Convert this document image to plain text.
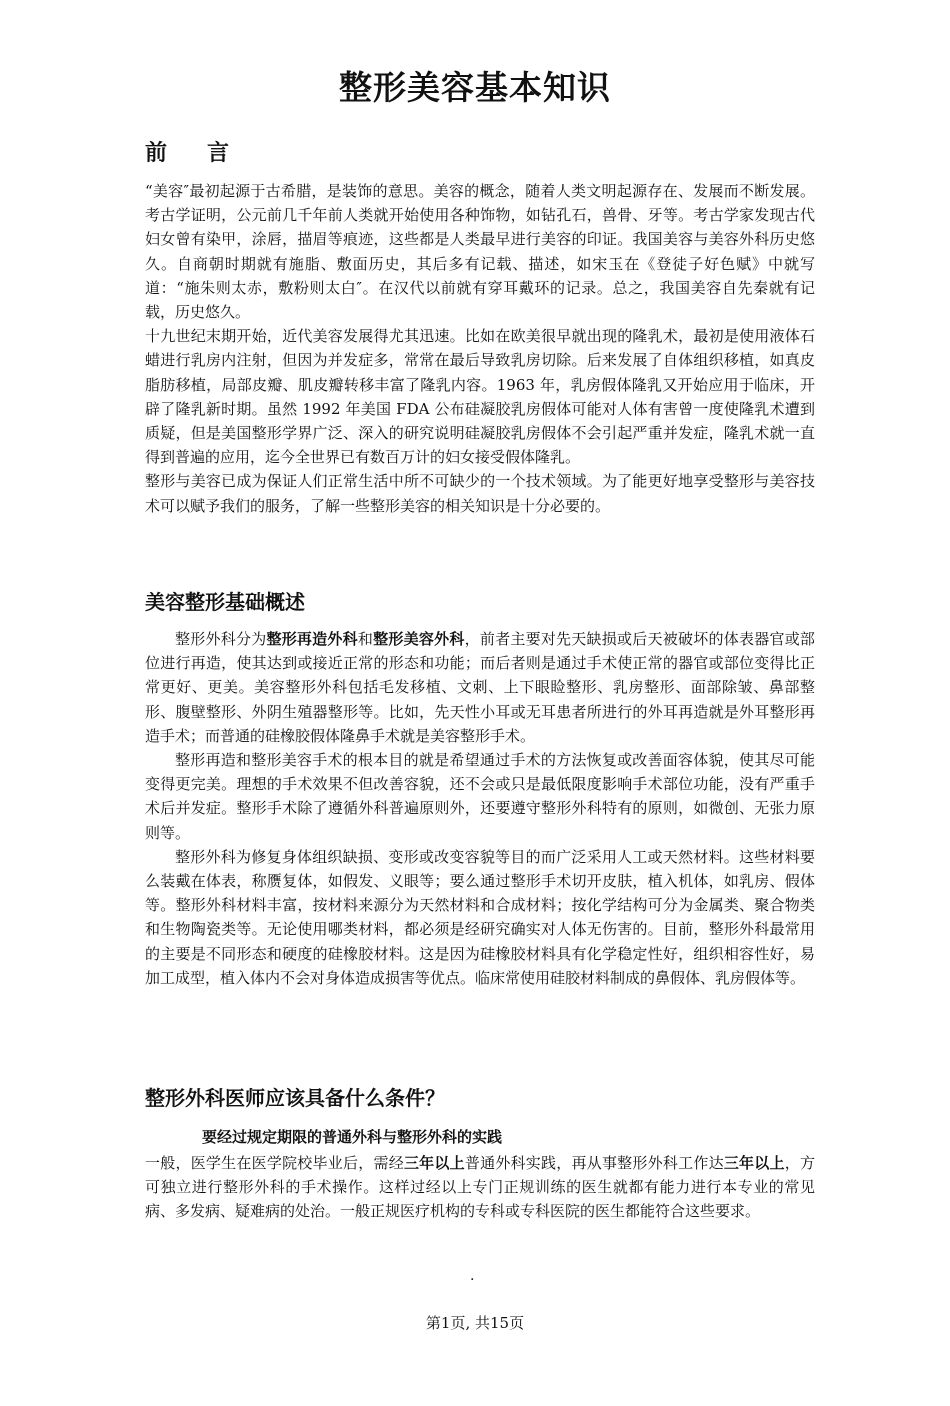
整形美容基本知识
前言

“美容″最初起源于古希腊，是装饰的意思。美容的概念，随着人类文明起源存在、发展而不断发展。考古学证明，公元前几千年前人类就开始使用各种饰物，如钻孔石，兽骨、牙等。考古学家发现古代妇女曾有染甲，涂唇，描眉等痕迹，这些都是人类最早进行美容的印证。我国美容与美容外科历史悠久。自商朝时期就有施脂、敷面历史，其后多有记载、描述，如宋玉在《登徒子好色赋》中就写道：“施朱则太赤，敷粉则太白″。在汉代以前就有穿耳戴环的记录。总之，我国美容自先秦就有记载，历史悠久。

十九世纪末期开始，近代美容发展得尤其迅速。比如在欧美很早就出现的隆乳术，最初是使用液体石蜡进行乳房内注射，但因为并发症多，常常在最后导致乳房切除。后来发展了自体组织移植，如真皮脂肪移植，局部皮瓣、肌皮瓣转移丰富了隆乳内容。1963 年，乳房假体隆乳又开始应用于临床，开辟了隆乳新时期。虽然 1992 年美国 FDA 公布硅凝胶乳房假体可能对人体有害曾一度使隆乳术遭到质疑，但是美国整形学界广泛、深入的研究说明硅凝胶乳房假体不会引起严重并发症，隆乳术就一直得到普遍的应用，迄今全世界已有数百万计的妇女接受假体隆乳。

整形与美容已成为保证人们正常生活中所不可缺少的一个技术领域。为了能更好地享受整形与美容技术可以赋予我们的服务，了解一些整形美容的相关知识是十分必要的。

美容整形基础概述

整形外科分为整形再造外科和整形美容外科，前者主要对先天缺损或后天被破坏的体表器官或部位进行再造，使其达到或接近正常的形态和功能；而后者则是通过手术使正常的器官或部位变得比正常更好、更美。美容整形外科包括毛发移植、文刺、上下眼睑整形、乳房整形、面部除皱、鼻部整形、腹壁整形、外阴生殖器整形等。比如，先天性小耳或无耳患者所进行的外耳再造就是外耳整形再造手术；而普通的硅橡胶假体隆鼻手术就是美容整形手术。

整形再造和整形美容手术的根本目的就是希望通过手术的方法恢复或改善面容体貌，使其尽可能变得更完美。理想的手术效果不但改善容貌，还不会或只是最低限度影响手术部位功能，没有严重手术后并发症。整形手术除了遵循外科普遍原则外，还要遵守整形外科特有的原则，如微创、无张力原则等。

整形外科为修复身体组织缺损、变形或改变容貌等目的而广泛采用人工或天然材料。这些材料要么装戴在体表，称赝复体，如假发、义眼等；要么通过整形手术切开皮肤，植入机体，如乳房、假体等。整形外科材料丰富，按材料来源分为天然材料和合成材料；按化学结构可分为金属类、聚合物类和生物陶瓷类等。无论使用哪类材料，都必须是经研究确实对人体无伤害的。目前，整形外科最常用的主要是不同形态和硬度的硅橡胶材料。这是因为硅橡胶材料具有化学稳定性好，组织相容性好，易加工成型，植入体内不会对身体造成损害等优点。临床常使用硅胶材料制成的鼻假体、乳房假体等。

整形外科医师应该具备什么条件？
要经过规定期限的普通外科与整形外科的实践

一般，医学生在医学院校毕业后，需经三年以上普通外科实践，再从事整形外科工作达三年以上，方可独立进行整形外科的手术操作。这样过经以上专门正规训练的医生就都有能力进行本专业的常见病、多发病、疑难病的处治。一般正规医疗机构的专科或专科医院的医生都能符合这些要求。

.
第1页, 共15页
